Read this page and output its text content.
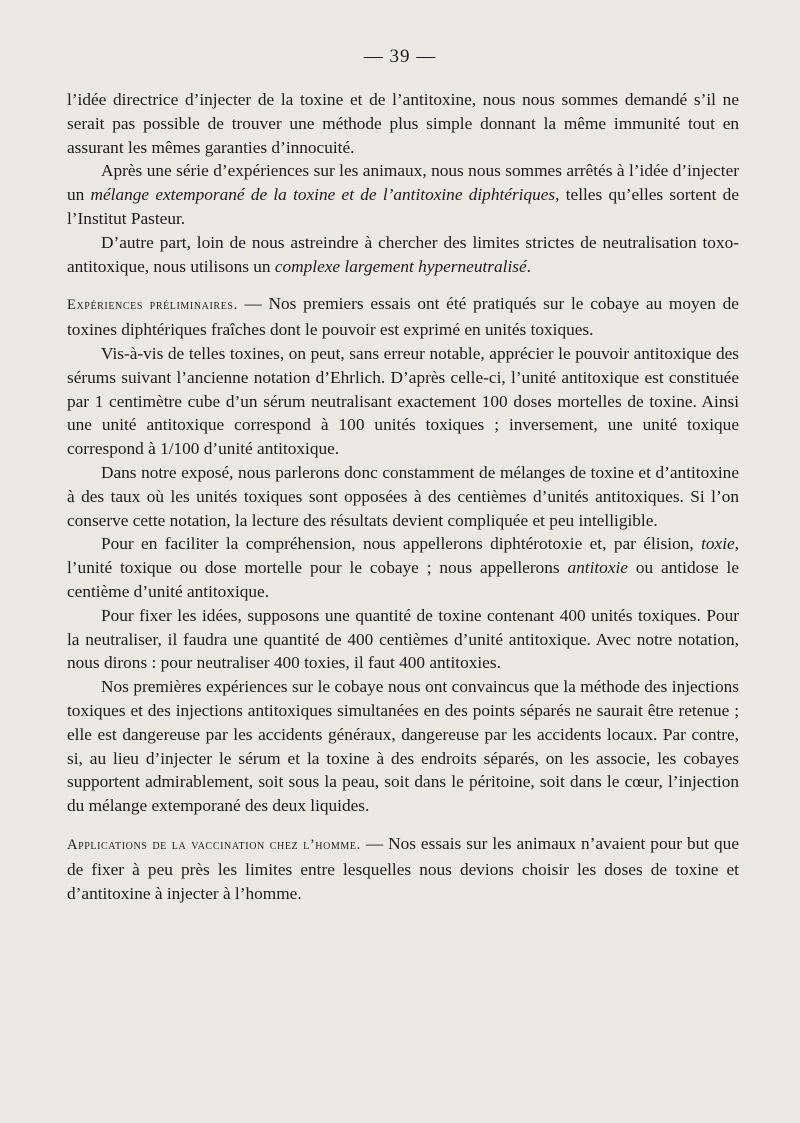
— 39 —

l’idée directrice d’injecter de la toxine et de l’antitoxine, nous nous sommes demandé s’il ne serait pas possible de trouver une méthode plus simple donnant la même immunité tout en assurant les mêmes garanties d’innocuité.

Après une série d’expériences sur les animaux, nous nous sommes arrêtés à l’idée d’injecter un mélange extemporané de la toxine et de l’antitoxine diphtériques, telles qu’elles sortent de l’Institut Pasteur.

D’autre part, loin de nous astreindre à chercher des limites strictes de neutralisation toxo-antitoxique, nous utilisons un complexe largement hyperneutralisé.

Expériences préliminaires. — Nos premiers essais ont été pratiqués sur le cobaye au moyen de toxines diphtériques fraîches dont le pouvoir est exprimé en unités toxiques.

Vis-à-vis de telles toxines, on peut, sans erreur notable, apprécier le pouvoir antitoxique des sérums suivant l’ancienne notation d’Ehrlich. D’après celle-ci, l’unité antitoxique est constituée par 1 centimètre cube d’un sérum neutralisant exactement 100 doses mortelles de toxine. Ainsi une unité antitoxique correspond à 100 unités toxiques ; inversement, une unité toxique correspond à 1/100 d’unité antitoxique.

Dans notre exposé, nous parlerons donc constamment de mélanges de toxine et d’antitoxine à des taux où les unités toxiques sont opposées à des centièmes d’unités antitoxiques. Si l’on conserve cette notation, la lecture des résultats devient compliquée et peu intelligible.

Pour en faciliter la compréhension, nous appellerons diphtérotoxie et, par élision, toxie, l’unité toxique ou dose mortelle pour le cobaye ; nous appellerons antitoxie ou antidose le centième d’unité antitoxique.

Pour fixer les idées, supposons une quantité de toxine contenant 400 unités toxiques. Pour la neutraliser, il faudra une quantité de 400 centièmes d’unité antitoxique. Avec notre notation, nous dirons : pour neutraliser 400 toxies, il faut 400 antitoxies.

Nos premières expériences sur le cobaye nous ont convaincus que la méthode des injections toxiques et des injections antitoxiques simultanées en des points séparés ne saurait être retenue ; elle est dangereuse par les accidents généraux, dangereuse par les accidents locaux. Par contre, si, au lieu d’injecter le sérum et la toxine à des endroits séparés, on les associe, les cobayes supportent admirablement, soit sous la peau, soit dans le péritoine, soit dans le cœur, l’injection du mélange extemporané des deux liquides.

Applications de la vaccination chez l’homme. — Nos essais sur les animaux n’avaient pour but que de fixer à peu près les limites entre lesquelles nous devions choisir les doses de toxine et d’antitoxine à injecter à l’homme.
